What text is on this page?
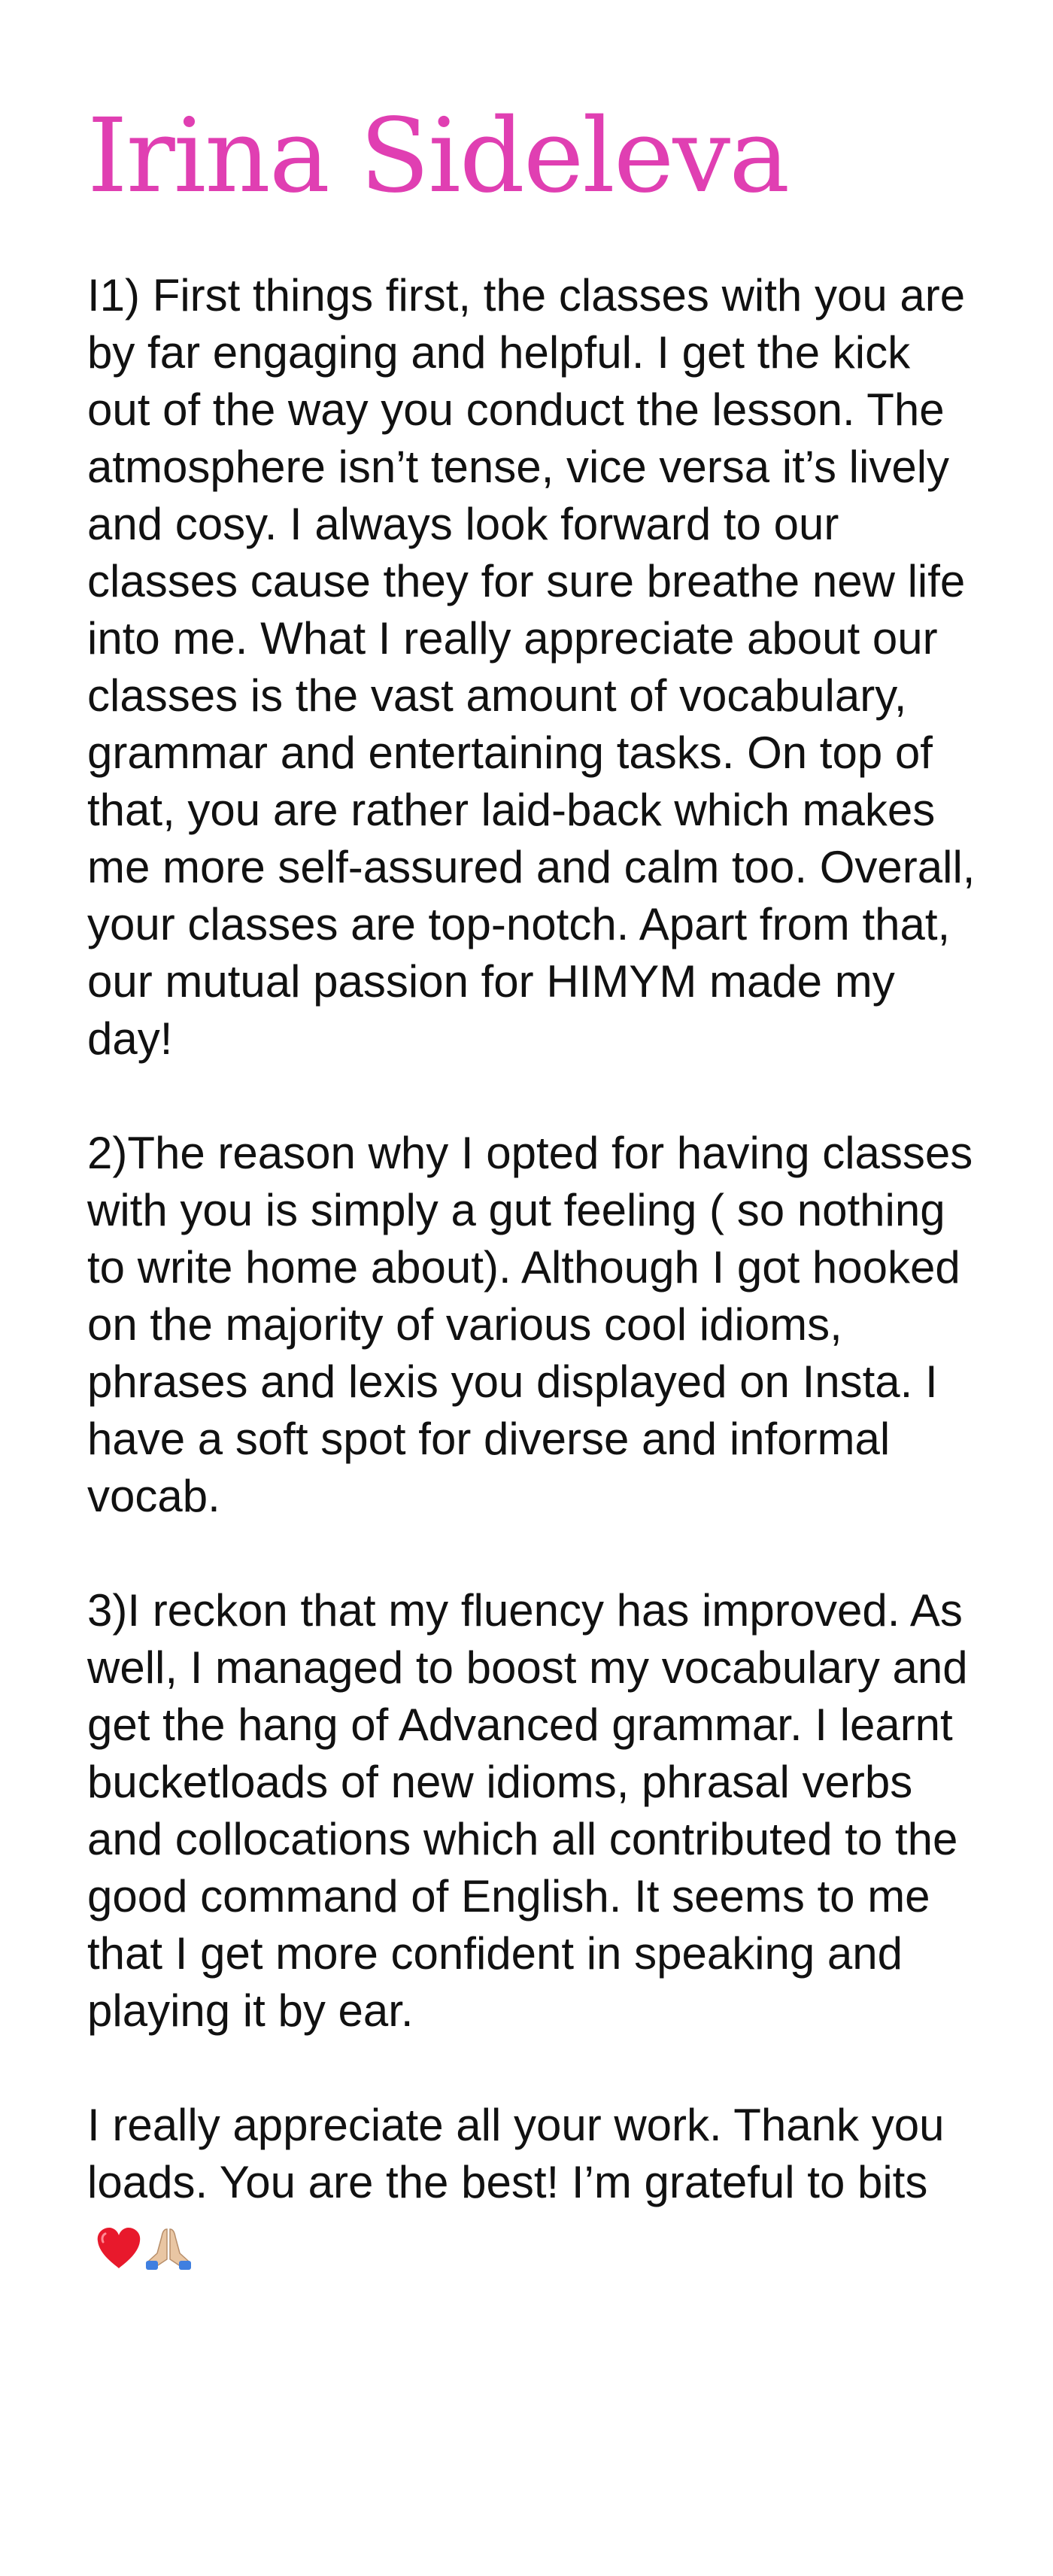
Irina Sideleva

I1) First things first, the classes with you are by far engaging and helpful. I get the kick out of the way you conduct the lesson. The atmosphere isn’t tense, vice versa it’s lively and cosy. I always look forward to our classes cause they for sure breathe new life into me. What I really appreciate about our classes is the vast amount of vocabulary, grammar and entertaining tasks. On top of that, you are rather laid-back which makes me more self-assured and calm too. Overall, your classes are top-notch. Apart from that, our mutual passion for HIMYM made my day!

2)The reason why I opted for having classes with you is simply a gut feeling ( so nothing to write home about). Although I got hooked on the majority of various cool idioms, phrases and lexis you displayed on Insta. I have a soft spot for diverse and informal vocab.

3)I reckon that my fluency has improved. As well, I managed to boost my vocabulary and get the hang of Advanced grammar. I learnt bucketloads of new idioms, phrasal verbs and collocations which all contributed to the good command of English. It seems to me that I get more confident in speaking and playing it by ear.

I really appreciate all your work. Thank you loads. You are the best! I’m grateful to bits
